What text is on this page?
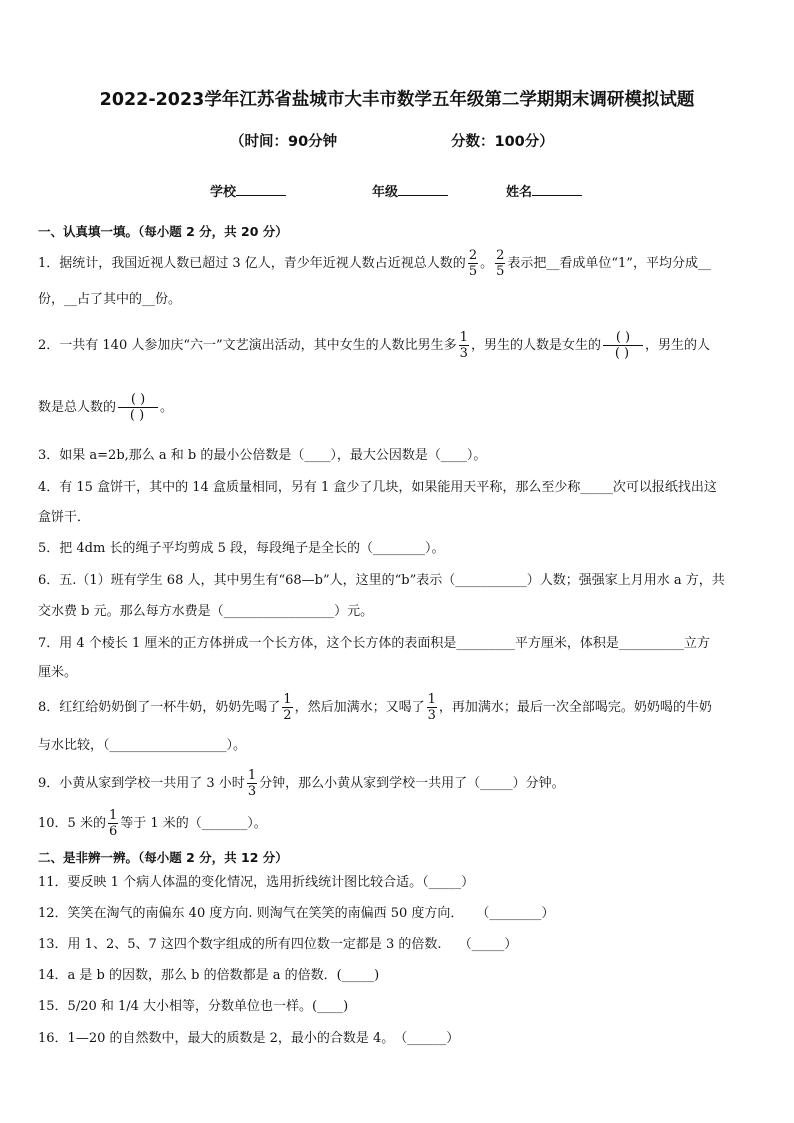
2022-2023学年江苏省盐城市大丰市数学五年级第二学期期末调研模拟试题
（时间：90分钟	分数：100分）
学校	年级	姓名
一、认真填一填。（每小题 2 分，共 20 分）
1．据统计，我国近视人数已超过 3 亿人，青少年近视人数占近视总人数的 $\frac{2}{5}$ 。 $\frac{2}{5}$ 表示把__看成单位“1”，平均分成__
份，__占了其中的__份。
2．一共有 140 人参加庆“六一”文艺演出活动，其中女生的人数比男生多 $\frac{1}{3}$ ，男生的人数是女生的 $\frac{( )}{( )}$ ，男生的人
数是总人数的 $\frac{( )}{( )}$ 。
3．如果 a=2b,那么 a 和 b 的最小公倍数是（____），最大公因数是（____）。
4．有 15 盒饼干，其中的 14 盒质量相同，另有 1 盒少了几块，如果能用天平称，那么至少称_____次可以报纸找出这
盒饼干．
5．把 4dm 长的绳子平均剪成 5 段，每段绳子是全长的（________）。
6．五.（1）班有学生 68 人，其中男生有“68—b”人，这里的“b”表示（___________）人数；强强家上月用水 a 方，共
交水费 b 元。那么每方水费是（_________________）元。
7．用 4 个棱长 1 厘米的正方体拼成一个长方体，这个长方体的表面积是_________平方厘米，体积是__________立方
厘米。
8．红红给奶奶倒了一杯牛奶，奶奶先喝了 $\frac{1}{2}$ ，然后加满水；又喝了 $\frac{1}{3}$ ，再加满水；最后一次全部喝完。奶奶喝的牛奶
与水比较，（__________________）。
9．小黄从家到学校一共用了 3 小时 $\frac{1}{3}$ 分钟，那么小黄从家到学校一共用了（_____）分钟。
10．5 米的 $\frac{1}{6}$ 等于 1 米的（_______）。
二、是非辨一辨。（每小题 2 分，共 12 分）
11．要反映 1 个病人体温的变化情况，选用折线统计图比较合适。（_____）
12．笑笑在淘气的南偏东 40 度方向. 则淘气在笑笑的南偏西 50 度方向．　　（________）
13．用 1、2、5、7 这四个数字组成的所有四位数一定都是 3 的倍数.　 （_____）
14．a 是 b 的因数，那么 b 的倍数都是 a 的倍数．(_____)
15．5/20 和 1/4 大小相等，分数单位也一样。(____)
16．1—20 的自然数中，最大的质数是 2，最小的合数是 4。　（______）
